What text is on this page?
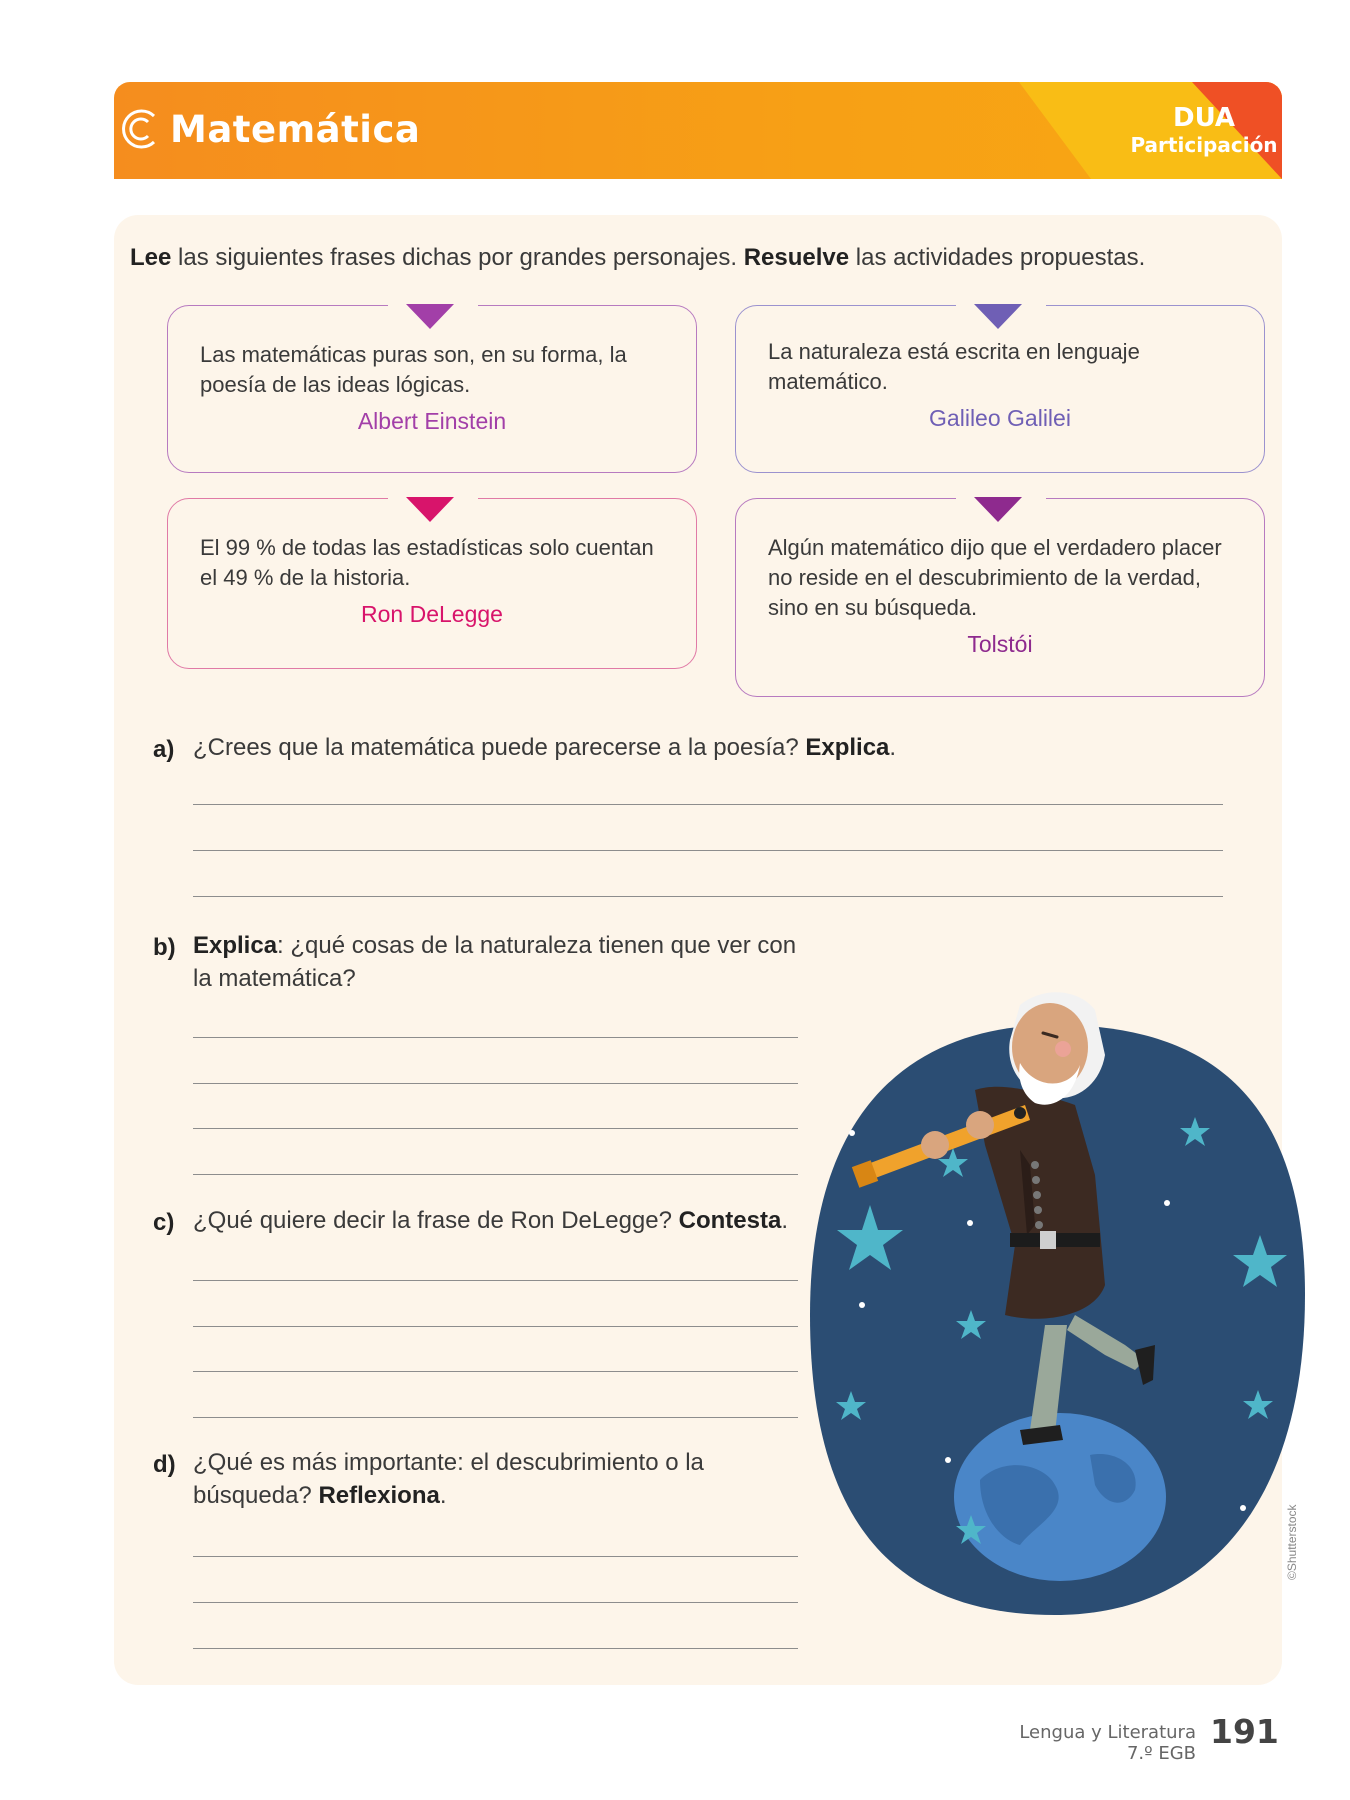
Matemática	DUA
Participación
Lee las siguientes frases dichas por grandes personajes. Resuelve las actividades propuestas.
Las matemáticas puras son, en su forma, la poesía de las ideas lógicas.
Albert Einstein
La naturaleza está escrita en lenguaje matemático.
Galileo Galilei
El 99 % de todas las estadísticas solo cuentan el 49 % de la historia.
Ron DeLegge
Algún matemático dijo que el verdadero placer no reside en el descubrimiento de la verdad, sino en su búsqueda.
Tolstói
a) ¿Crees que la matemática puede parecerse a la poesía? Explica.
b) Explica: ¿qué cosas de la naturaleza tienen que ver con la matemática?
c) ¿Qué quiere decir la frase de Ron DeLegge? Contesta.
d) ¿Qué es más importante: el descubrimiento o la búsqueda? Reflexiona.
©Shutterstock
Lengua y Literatura
7.º EGB
191
